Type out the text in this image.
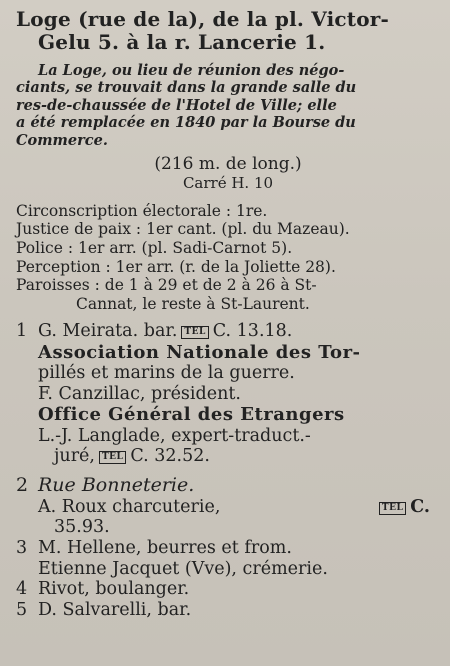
Loge (rue de la), de la pl. Victor-
Gelu 5. à la r. Lancerie 1.
La Loge, ou lieu de réunion des négo-
ciants, se trouvait dans la grande salle du
res-de-chaussée de l'Hotel de Ville; elle
a été remplacée en 1840 par la Bourse du
Commerce.
(216 m. de long.)
Carré H. 10
Circonscription électorale : 1re.
Justice de paix : 1er cant. (pl. du Mazeau).
Police : 1er arr. (pl. Sadi-Carnot 5).
Perception : 1er arr. (r. de la Joliette 28).
Paroisses : de 1 à 29 et de 2 à 26 à St-
Cannat, le reste à St-Laurent.
1 G. Meirata. bar. TEL C. 13.18.
Association Nationale des Tor-
pillés et marins de la guerre.
F. Canzillac, président.
Office Général des Etrangers
L.-J. Langlade, expert-traduct.-
juré, TEL C. 32.52.
2 Rue Bonneterie.
A. Roux charcuterie,	TEL C.
35.93.
3 M. Hellene, beurres et from.
Etienne Jacquet (Vve), crémerie.
4 Rivot, boulanger.
5 D. Salvarelli, bar.
